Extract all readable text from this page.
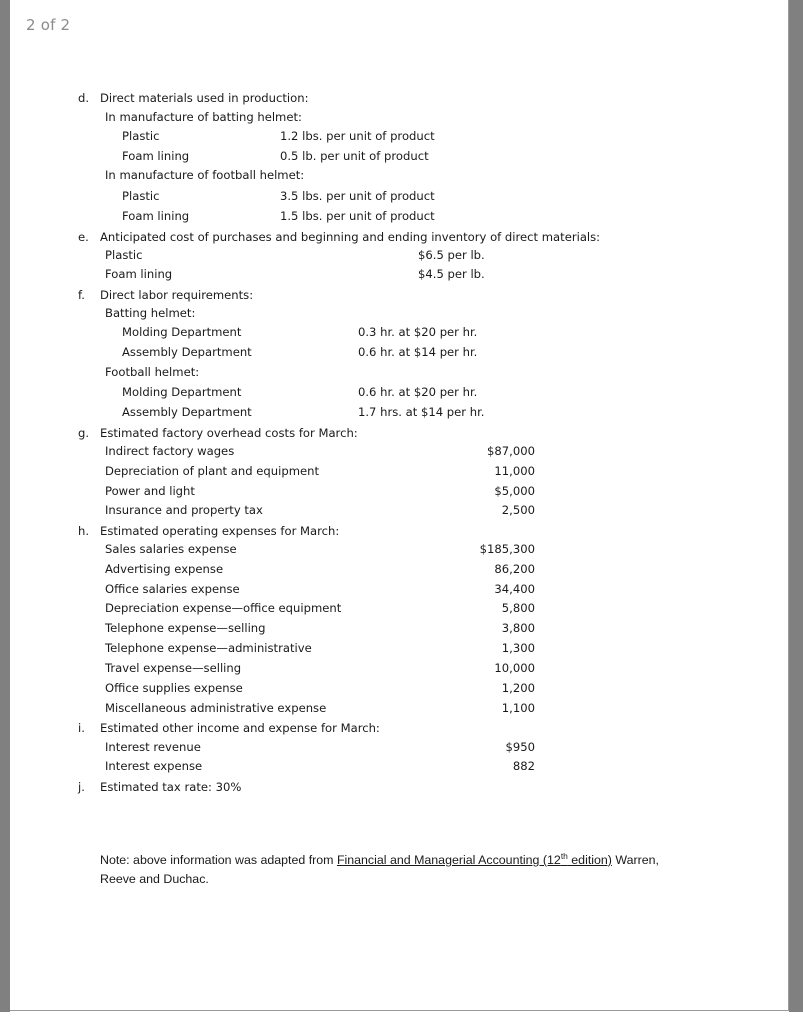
2 of 2
d. Direct materials used in production:
In manufacture of batting helmet:
Plastic	1.2 lbs. per unit of product
Foam lining	0.5 lb. per unit of product
In manufacture of football helmet:
Plastic	3.5 lbs. per unit of product
Foam lining	1.5 lbs. per unit of product
e. Anticipated cost of purchases and beginning and ending inventory of direct materials:
Plastic	$6.5 per lb.
Foam lining	$4.5 per lb.
f. Direct labor requirements:
Batting helmet:
Molding Department	0.3 hr. at $20 per hr.
Assembly Department	0.6 hr. at $14 per hr.
Football helmet:
Molding Department	0.6 hr. at $20 per hr.
Assembly Department	1.7 hrs. at $14 per hr.
g. Estimated factory overhead costs for March:
Indirect factory wages	$87,000
Depreciation of plant and equipment	11,000
Power and light	$5,000
Insurance and property tax	2,500
h. Estimated operating expenses for March:
Sales salaries expense	$185,300
Advertising expense	86,200
Office salaries expense	34,400
Depreciation expense—office equipment	5,800
Telephone expense—selling	3,800
Telephone expense—administrative	1,300
Travel expense—selling	10,000
Office supplies expense	1,200
Miscellaneous administrative expense	1,100
i. Estimated other income and expense for March:
Interest revenue	$950
Interest expense	882
j. Estimated tax rate: 30%
Note: above information was adapted from Financial and Managerial Accounting (12th edition) Warren,
Reeve and Duchac.
